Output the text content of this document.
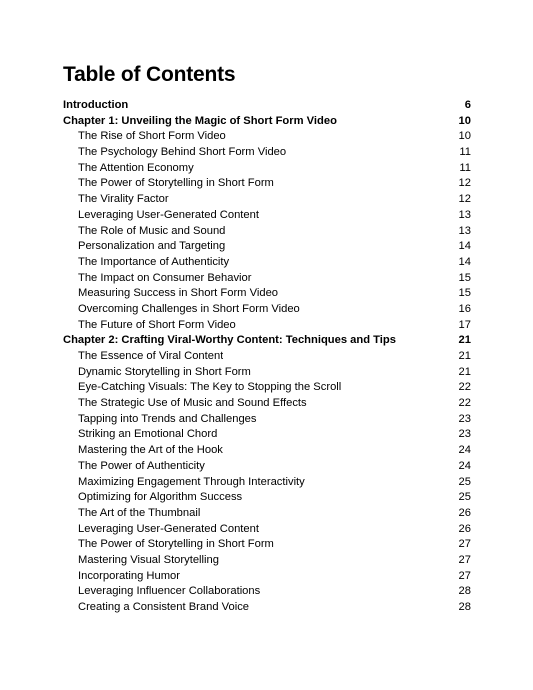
Table of Contents
Introduction	6
Chapter 1: Unveiling the Magic of Short Form Video	10
The Rise of Short Form Video	10
The Psychology Behind Short Form Video	11
The Attention Economy	11
The Power of Storytelling in Short Form	12
The Virality Factor	12
Leveraging User-Generated Content	13
The Role of Music and Sound	13
Personalization and Targeting	14
The Importance of Authenticity	14
The Impact on Consumer Behavior	15
Measuring Success in Short Form Video	15
Overcoming Challenges in Short Form Video	16
The Future of Short Form Video	17
Chapter 2: Crafting Viral-Worthy Content: Techniques and Tips	21
The Essence of Viral Content	21
Dynamic Storytelling in Short Form	21
Eye-Catching Visuals: The Key to Stopping the Scroll	22
The Strategic Use of Music and Sound Effects	22
Tapping into Trends and Challenges	23
Striking an Emotional Chord	23
Mastering the Art of the Hook	24
The Power of Authenticity	24
Maximizing Engagement Through Interactivity	25
Optimizing for Algorithm Success	25
The Art of the Thumbnail	26
Leveraging User-Generated Content	26
The Power of Storytelling in Short Form	27
Mastering Visual Storytelling	27
Incorporating Humor	27
Leveraging Influencer Collaborations	28
Creating a Consistent Brand Voice	28
